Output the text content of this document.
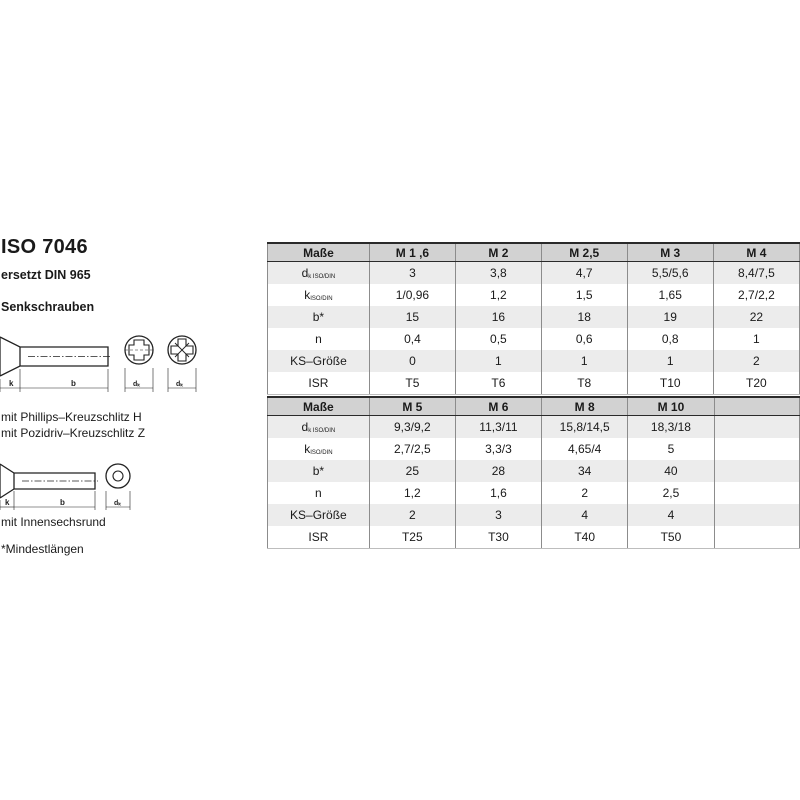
ISO 7046
ersetzt DIN 965
Senkschrauben
k	b	dₖ	dₖ
mit Phillips–Kreuzschlitz H
mit Pozidriv–Kreuzschlitz Z
k	b	dₖ
mit Innensechsrund
*Mindestlängen
Maße	M 1 ,6	M 2	M 2,5	M 3	M 4
$d_{k ISO/DIN}$	3	3,8	4,7	5,5/5,6	8,4/7,5
$k_{ISO/DIN}$	1/0,96	1,2	1,5	1,65	2,7/2,2
b*	15	16	18	19	22
n	0,4	0,5	0,6	0,8	1
KS–Größe	0	1	1	1	2
ISR	T5	T6	T8	T10	T20
Maße	M 5	M 6	M 8	M 10	
$d_{k ISO/DIN}$	9,3/9,2	11,3/11	15,8/14,5	18,3/18	
$k_{ISO/DIN}$	2,7/2,5	3,3/3	4,65/4	5	
b*	25	28	34	40	
n	1,2	1,6	2	2,5	
KS–Größe	2	3	4	4	
ISR	T25	T30	T40	T50	
